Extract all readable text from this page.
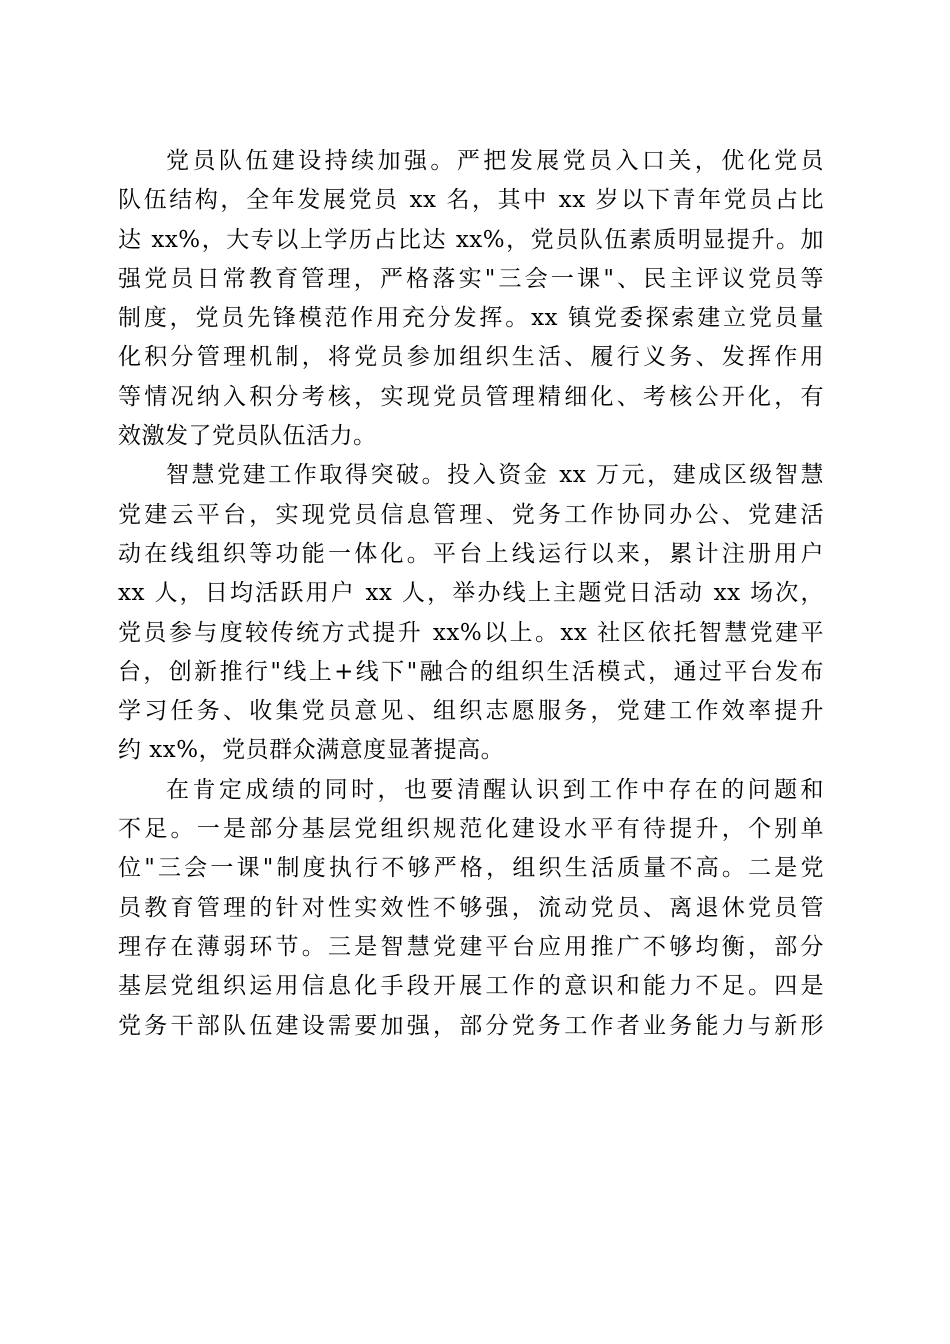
党员队伍建设持续加强。严把发展党员入口关，优化党员
队伍结构，全年发展党员 xx 名，其中 xx 岁以下青年党员占比
达 xx%，大专以上学历占比达 xx%，党员队伍素质明显提升。加
强党员日常教育管理，严格落实"三会一课"、民主评议党员等
制度，党员先锋模范作用充分发挥。xx 镇党委探索建立党员量
化积分管理机制，将党员参加组织生活、履行义务、发挥作用
等情况纳入积分考核，实现党员管理精细化、考核公开化，有
效激发了党员队伍活力。
智慧党建工作取得突破。投入资金 xx 万元，建成区级智慧
党建云平台，实现党员信息管理、党务工作协同办公、党建活
动在线组织等功能一体化。平台上线运行以来，累计注册用户
xx 人，日均活跃用户 xx 人，举办线上主题党日活动 xx 场次，
党员参与度较传统方式提升 xx%以上。xx 社区依托智慧党建平
台，创新推行"线上+线下"融合的组织生活模式，通过平台发布
学习任务、收集党员意见、组织志愿服务，党建工作效率提升
约 xx%，党员群众满意度显著提高。
在肯定成绩的同时，也要清醒认识到工作中存在的问题和
不足。一是部分基层党组织规范化建设水平有待提升，个别单
位"三会一课"制度执行不够严格，组织生活质量不高。二是党
员教育管理的针对性实效性不够强，流动党员、离退休党员管
理存在薄弱环节。三是智慧党建平台应用推广不够均衡，部分
基层党组织运用信息化手段开展工作的意识和能力不足。四是
党务干部队伍建设需要加强，部分党务工作者业务能力与新形
